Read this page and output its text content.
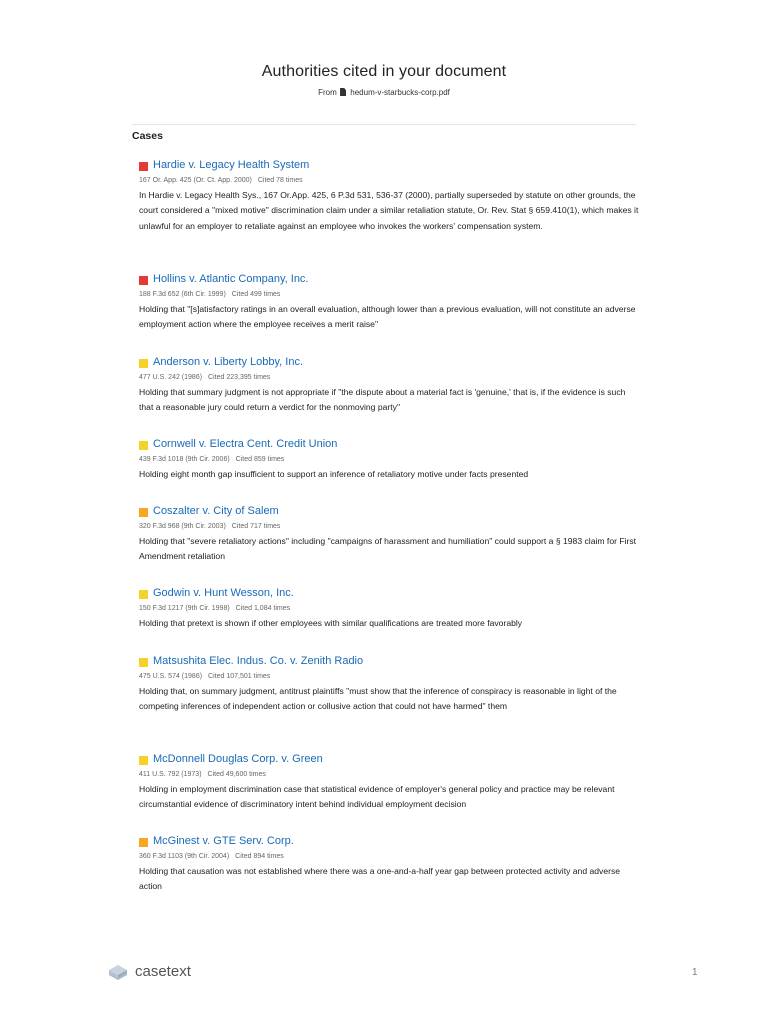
Authorities cited in your document
From hedum-v-starbucks-corp.pdf
Cases
Hardie v. Legacy Health System
167 Or. App. 425 (Or. Ct. App. 2000) Cited 78 times
In Hardie v. Legacy Health Sys., 167 Or.App. 425, 6 P.3d 531, 536-37 (2000), partially superseded by statute on other grounds, the court considered a "mixed motive" discrimination claim under a similar retaliation statute, Or. Rev. Stat § 659.410(1), which makes it unlawful for an employer to retaliate against an employee who invokes the workers' compensation system.
Hollins v. Atlantic Company, Inc.
188 F.3d 652 (6th Cir. 1999) Cited 499 times
Holding that "[s]atisfactory ratings in an overall evaluation, although lower than a previous evaluation, will not constitute an adverse employment action where the employee receives a merit raise"
Anderson v. Liberty Lobby, Inc.
477 U.S. 242 (1986) Cited 223,395 times
Holding that summary judgment is not appropriate if "the dispute about a material fact is 'genuine,' that is, if the evidence is such that a reasonable jury could return a verdict for the nonmoving party"
Cornwell v. Electra Cent. Credit Union
439 F.3d 1018 (9th Cir. 2006) Cited 859 times
Holding eight month gap insufficient to support an inference of retaliatory motive under facts presented
Coszalter v. City of Salem
320 F.3d 968 (9th Cir. 2003) Cited 717 times
Holding that "severe retaliatory actions" including "campaigns of harassment and humiliation" could support a § 1983 claim for First Amendment retaliation
Godwin v. Hunt Wesson, Inc.
150 F.3d 1217 (9th Cir. 1998) Cited 1,084 times
Holding that pretext is shown if other employees with similar qualifications are treated more favorably
Matsushita Elec. Indus. Co. v. Zenith Radio
475 U.S. 574 (1986) Cited 107,501 times
Holding that, on summary judgment, antitrust plaintiffs "must show that the inference of conspiracy is reasonable in light of the competing inferences of independent action or collusive action that could not have harmed" them
McDonnell Douglas Corp. v. Green
411 U.S. 792 (1973) Cited 49,600 times
Holding in employment discrimination case that statistical evidence of employer's general policy and practice may be relevant circumstantial evidence of discriminatory intent behind individual employment decision
McGinest v. GTE Serv. Corp.
360 F.3d 1103 (9th Cir. 2004) Cited 894 times
Holding that causation was not established where there was a one-and-a-half year gap between protected activity and adverse action
casetext	1
